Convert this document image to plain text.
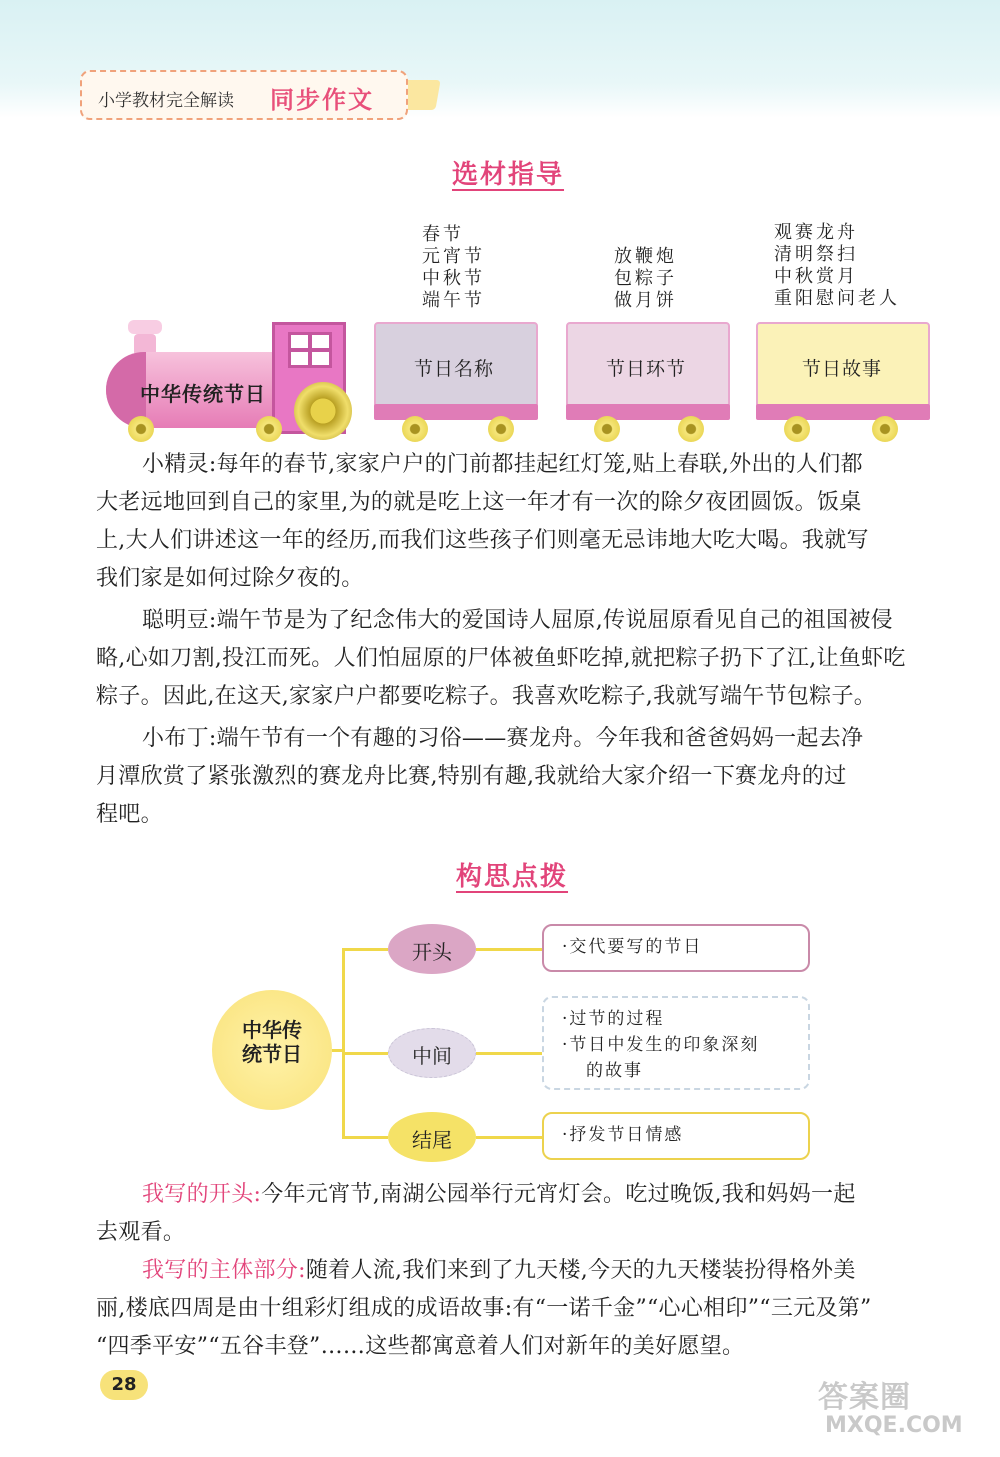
小学教材完全解读 同步作文
选材指导
春节
元宵节
中秋节
端午节
放鞭炮
包粽子
做月饼
观赛龙舟
清明祭扫
中秋赏月
重阳慰问老人
中华传统节日
节日名称	节日环节	节日故事

小精灵:每年的春节,家家户户的门前都挂起红灯笼,贴上春联,外出的人们都

大老远地回到自己的家里,为的就是吃上这一年才有一次的除夕夜团圆饭。饭桌

上,大人们讲述这一年的经历,而我们这些孩子们则毫无忌讳地大吃大喝。我就写

我们家是如何过除夕夜的。

聪明豆:端午节是为了纪念伟大的爱国诗人屈原,传说屈原看见自己的祖国被侵

略,心如刀割,投江而死。人们怕屈原的尸体被鱼虾吃掉,就把粽子扔下了江,让鱼虾吃

粽子。因此,在这天,家家户户都要吃粽子。我喜欢吃粽子,我就写端午节包粽子。

小布丁:端午节有一个有趣的习俗——赛龙舟。今年我和爸爸妈妈一起去净

月潭欣赏了紧张激烈的赛龙舟比赛,特别有趣,我就给大家介绍一下赛龙舟的过

程吧。

构思点拨
中华传
统节日
开头
中间
结尾
·交代要写的节日
·过节的过程
·节日中发生的印象深刻
的故事
·抒发节日情感

我写的开头:今年元宵节,南湖公园举行元宵灯会。吃过晚饭,我和妈妈一起

去观看。

我写的主体部分:随着人流,我们来到了九天楼,今天的九天楼装扮得格外美

丽,楼底四周是由十组彩灯组成的成语故事:有“一诺千金”“心心相印”“三元及第”

“四季平安”“五谷丰登”……这些都寓意着人们对新年的美好愿望。

28	答案圈
MXQE.COM
